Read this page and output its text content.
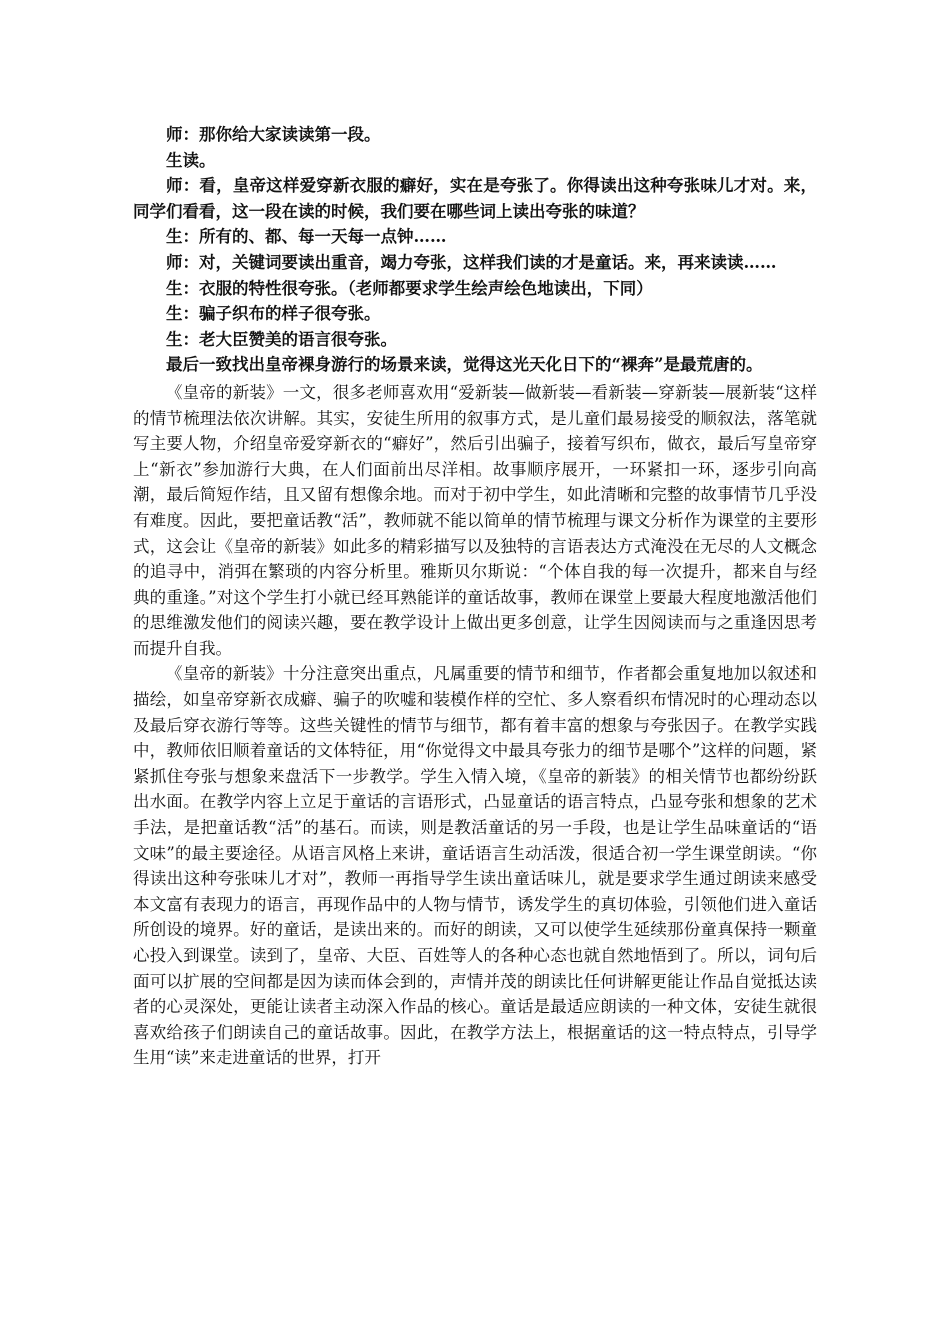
师：那你给大家读读第一段。

生读。

师：看，皇帝这样爱穿新衣服的癖好，实在是夸张了。你得读出这种夸张味儿才对。来，同学们看看，这一段在读的时候，我们要在哪些词上读出夸张的味道？

生：所有的、都、每一天每一点钟……

师：对，关键词要读出重音，竭力夸张，这样我们读的才是童话。来，再来读读……

生：衣服的特性很夸张。（老师都要求学生绘声绘色地读出，下同）

生：骗子织布的样子很夸张。

生：老大臣赞美的语言很夸张。

最后一致找出皇帝裸身游行的场景来读，觉得这光天化日下的“裸奔”是最荒唐的。

《皇帝的新装》一文，很多老师喜欢用“爱新装—做新装—看新装—穿新装—展新装“这样的情节梳理法依次讲解。其实，安徒生所用的叙事方式，是儿童们最易接受的顺叙法，落笔就写主要人物，介绍皇帝爱穿新衣的“癖好”，然后引出骗子，接着写织布，做衣，最后写皇帝穿上“新衣”参加游行大典，在人们面前出尽洋相。故事顺序展开，一环紧扣一环，逐步引向高潮，最后简短作结，且又留有想像余地。而对于初中学生，如此清晰和完整的故事情节几乎没有难度。因此，要把童话教“活”，教师就不能以简单的情节梳理与课文分析作为课堂的主要形式，这会让《皇帝的新装》如此多的精彩描写以及独特的言语表达方式淹没在无尽的人文概念的追寻中，消弭在繁琐的内容分析里。雅斯贝尔斯说：“个体自我的每一次提升，都来自与经典的重逢。”对这个学生打小就已经耳熟能详的童话故事，教师在课堂上要最大程度地激活他们的思维激发他们的阅读兴趣，要在教学设计上做出更多创意，让学生因阅读而与之重逢因思考而提升自我。

《皇帝的新装》十分注意突出重点，凡属重要的情节和细节，作者都会重复地加以叙述和描绘，如皇帝穿新衣成癖、骗子的吹嘘和装模作样的空忙、多人察看织布情况时的心理动态以及最后穿衣游行等等。这些关键性的情节与细节，都有着丰富的想象与夸张因子。在教学实践中，教师依旧顺着童话的文体特征，用“你觉得文中最具夸张力的细节是哪个”这样的问题，紧紧抓住夸张与想象来盘活下一步教学。学生入情入境，《皇帝的新装》的相关情节也都纷纷跃出水面。在教学内容上立足于童话的言语形式，凸显童话的语言特点，凸显夸张和想象的艺术手法，是把童话教“活”的基石。而读，则是教活童话的另一手段，也是让学生品味童话的“语文味”的最主要途径。从语言风格上来讲，童话语言生动活泼，很适合初一学生课堂朗读。“你得读出这种夸张味儿才对”，教师一再指导学生读出童话味儿，就是要求学生通过朗读来感受本文富有表现力的语言，再现作品中的人物与情节，诱发学生的真切体验，引领他们进入童话所创设的境界。好的童话，是读出来的。而好的朗读，又可以使学生延续那份童真保持一颗童心投入到课堂。读到了，皇帝、大臣、百姓等人的各种心态也就自然地悟到了。所以，词句后面可以扩展的空间都是因为读而体会到的，声情并茂的朗读比任何讲解更能让作品自觉抵达读者的心灵深处，更能让读者主动深入作品的核心。童话是最适应朗读的一种文体，安徒生就很喜欢给孩子们朗读自己的童话故事。因此，在教学方法上，根据童话的这一特点特点，引导学生用“读”来走进童话的世界，打开
